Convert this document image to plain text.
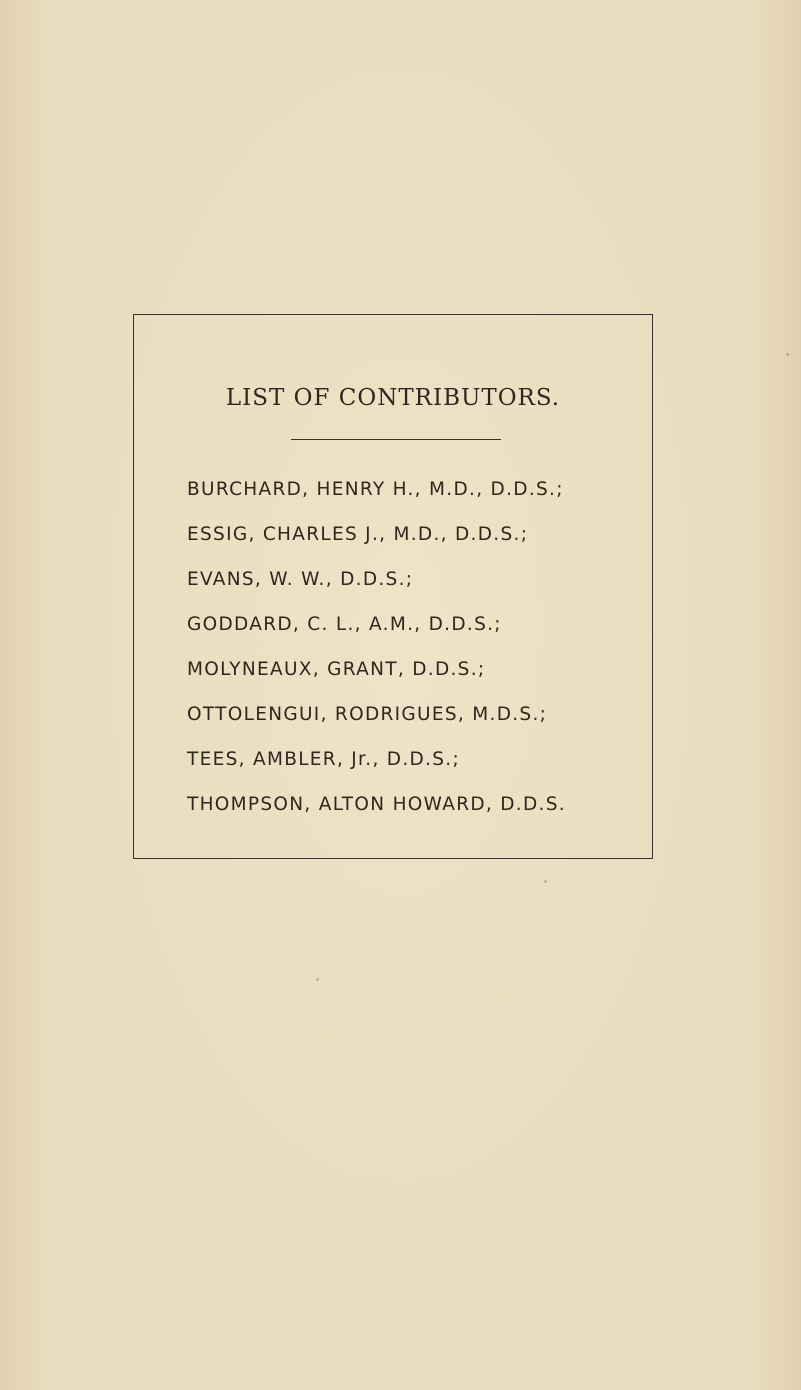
LIST OF CONTRIBUTORS.
BURCHARD, HENRY H., M.D., D.D.S.;
ESSIG, CHARLES J., M.D., D.D.S.;
EVANS, W. W., D.D.S.;
GODDARD, C. L., A.M., D.D.S.;
MOLYNEAUX, GRANT, D.D.S.;
OTTOLENGUI, RODRIGUES, M.D.S.;
TEES, AMBLER, Jr., D.D.S.;
THOMPSON, ALTON HOWARD, D.D.S.
